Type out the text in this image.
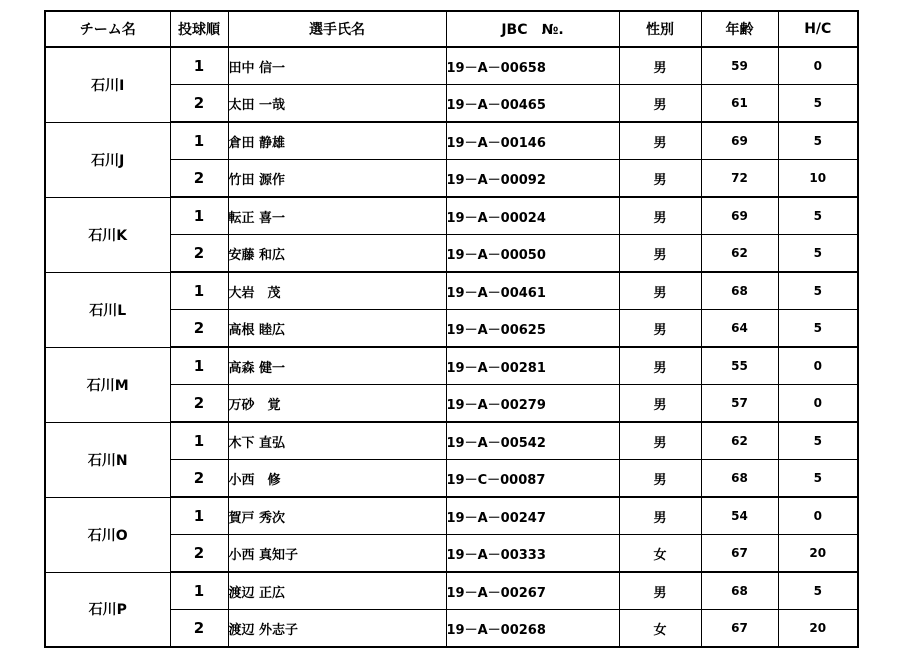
チーム名	投球順	選手氏名	JBC　№.	性別	年齢	H/C
石川I	1	田中 信一	19－A－00658	男	59	0
	2	太田 一哉	19－A－00465	男	61	5
石川J	1	倉田 静雄	19－A－00146	男	69	5
	2	竹田 源作	19－A－00092	男	72	10
石川K	1	転正 喜一	19－A－00024	男	69	5
	2	安藤 和広	19－A－00050	男	62	5
石川L	1	大岩　茂	19－A－00461	男	68	5
	2	高根 睦広	19－A－00625	男	64	5
石川M	1	高森 健一	19－A－00281	男	55	0
	2	万砂　覚	19－A－00279	男	57	0
石川N	1	木下 直弘	19－A－00542	男	62	5
	2	小西　修	19－C－00087	男	68	5
石川O	1	賀戸 秀次	19－A－00247	男	54	0
	2	小西 真知子	19－A－00333	女	67	20
石川P	1	渡辺 正広	19－A－00267	男	68	5
	2	渡辺 外志子	19－A－00268	女	67	20
